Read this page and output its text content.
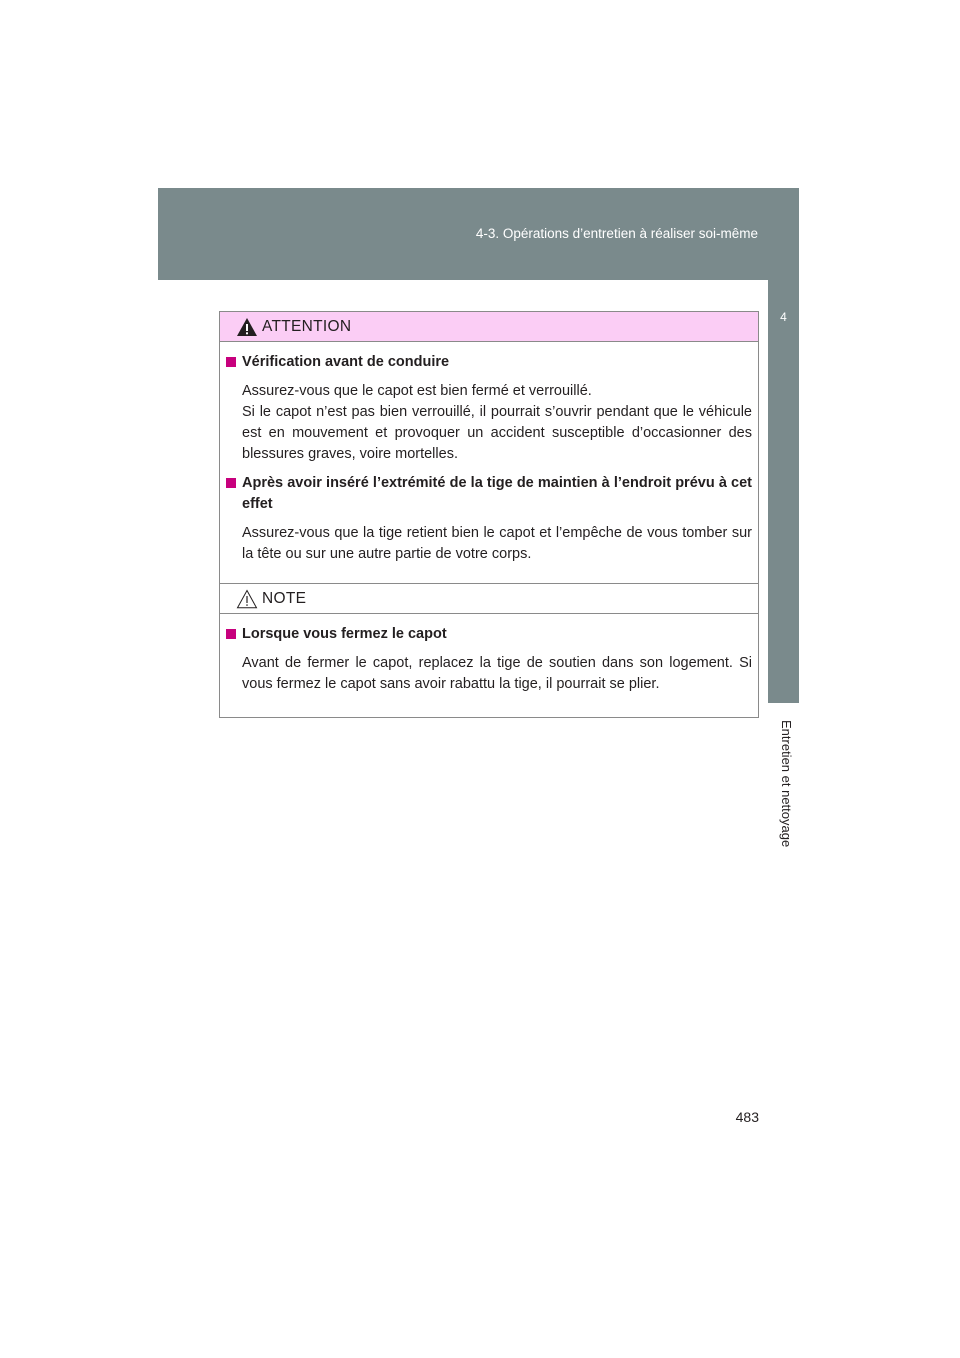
4-3. Opérations d’entretien à réaliser soi-même
4
Entretien et nettoyage
ATTENTION
Vérification avant de conduire
Assurez-vous que le capot est bien fermé et verrouillé.
Si le capot n’est pas bien verrouillé, il pourrait s’ouvrir pendant que le véhicule est en mouvement et provoquer un accident susceptible d’occasionner des blessures graves, voire mortelles.
Après avoir inséré l’extrémité de la tige de maintien à l’endroit prévu à cet effet
Assurez-vous que la tige retient bien le capot et l’empêche de vous tomber sur la tête ou sur une autre partie de votre corps.
NOTE
Lorsque vous fermez le capot
Avant de fermer le capot, replacez la tige de soutien dans son logement. Si vous fermez le capot sans avoir rabattu la tige, il pourrait se plier.
483
